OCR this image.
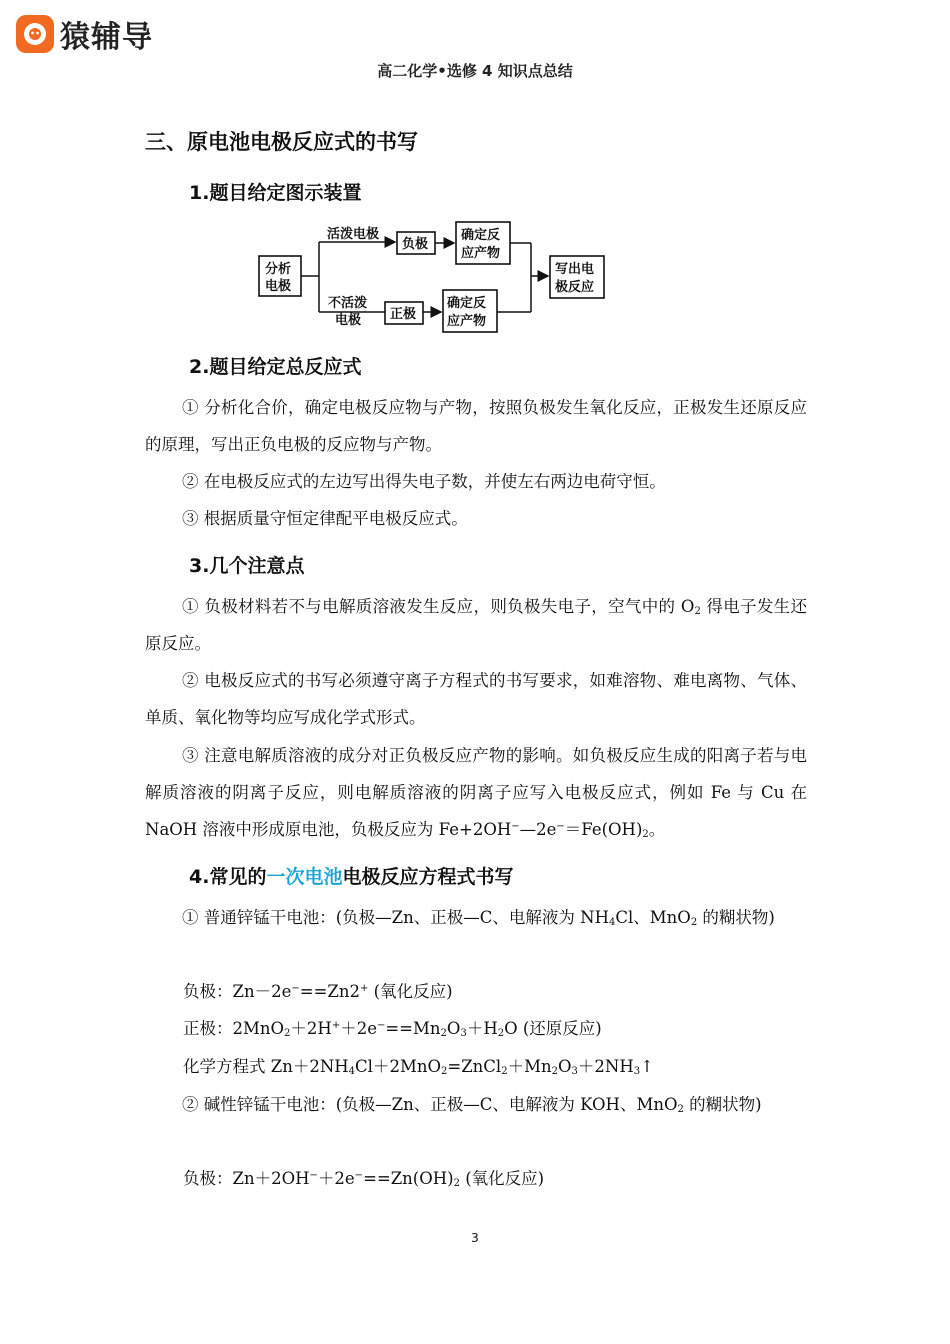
猿辅导
高二化学•选修 4 知识点总结
三、原电池电极反应式的书写
1.题目给定图示装置
分析
电极
活泼电极
不活泼
电极
负极
确定反
应产物
正极
确定反
应产物
写出电
极反应
2.题目给定总反应式
① 分析化合价，确定电极反应物与产物，按照负极发生氧化反应，正极发生还原反应的原理，写出正负电极的反应物与产物。
② 在电极反应式的左边写出得失电子数，并使左右两边电荷守恒。
③ 根据质量守恒定律配平电极反应式。
3.几个注意点
① 负极材料若不与电解质溶液发生反应，则负极失电子，空气中的 $O_2$ 得电子发生还原反应。
② 电极反应式的书写必须遵守离子方程式的书写要求，如难溶物、难电离物、气体、单质、氧化物等均应写成化学式形式。
③ 注意电解质溶液的成分对正负极反应产物的影响。如负极反应生成的阳离子若与电解质溶液的阴离子反应，则电解质溶液的阴离子应写入电极反应式，例如 Fe 与 Cu 在 NaOH 溶液中形成原电池，负极反应为 $Fe+2OH^-—2e^-=Fe(OH)_2$。
4.常见的一次电池电极反应方程式书写
① 普通锌锰干电池：(负极—Zn、正极—C、电解液为 $NH_4Cl$、MnO$_2$ 的糊状物)
负极：Zn－2e−==Zn2+ (氧化反应)
正极：$2MnO_2+2H^++2e^-==Mn_2O_3+H_2O$ (还原反应)
化学方程式 $Zn+2NH_4Cl+2MnO_2=ZnCl_2+Mn_2O_3+2NH_3↑$
② 碱性锌锰干电池：(负极—Zn、正极—C、电解液为 KOH、MnO$_2$ 的糊状物)
负极：$Zn+2OH^-+2e^-==Zn(OH)_2$ (氧化反应)
3
